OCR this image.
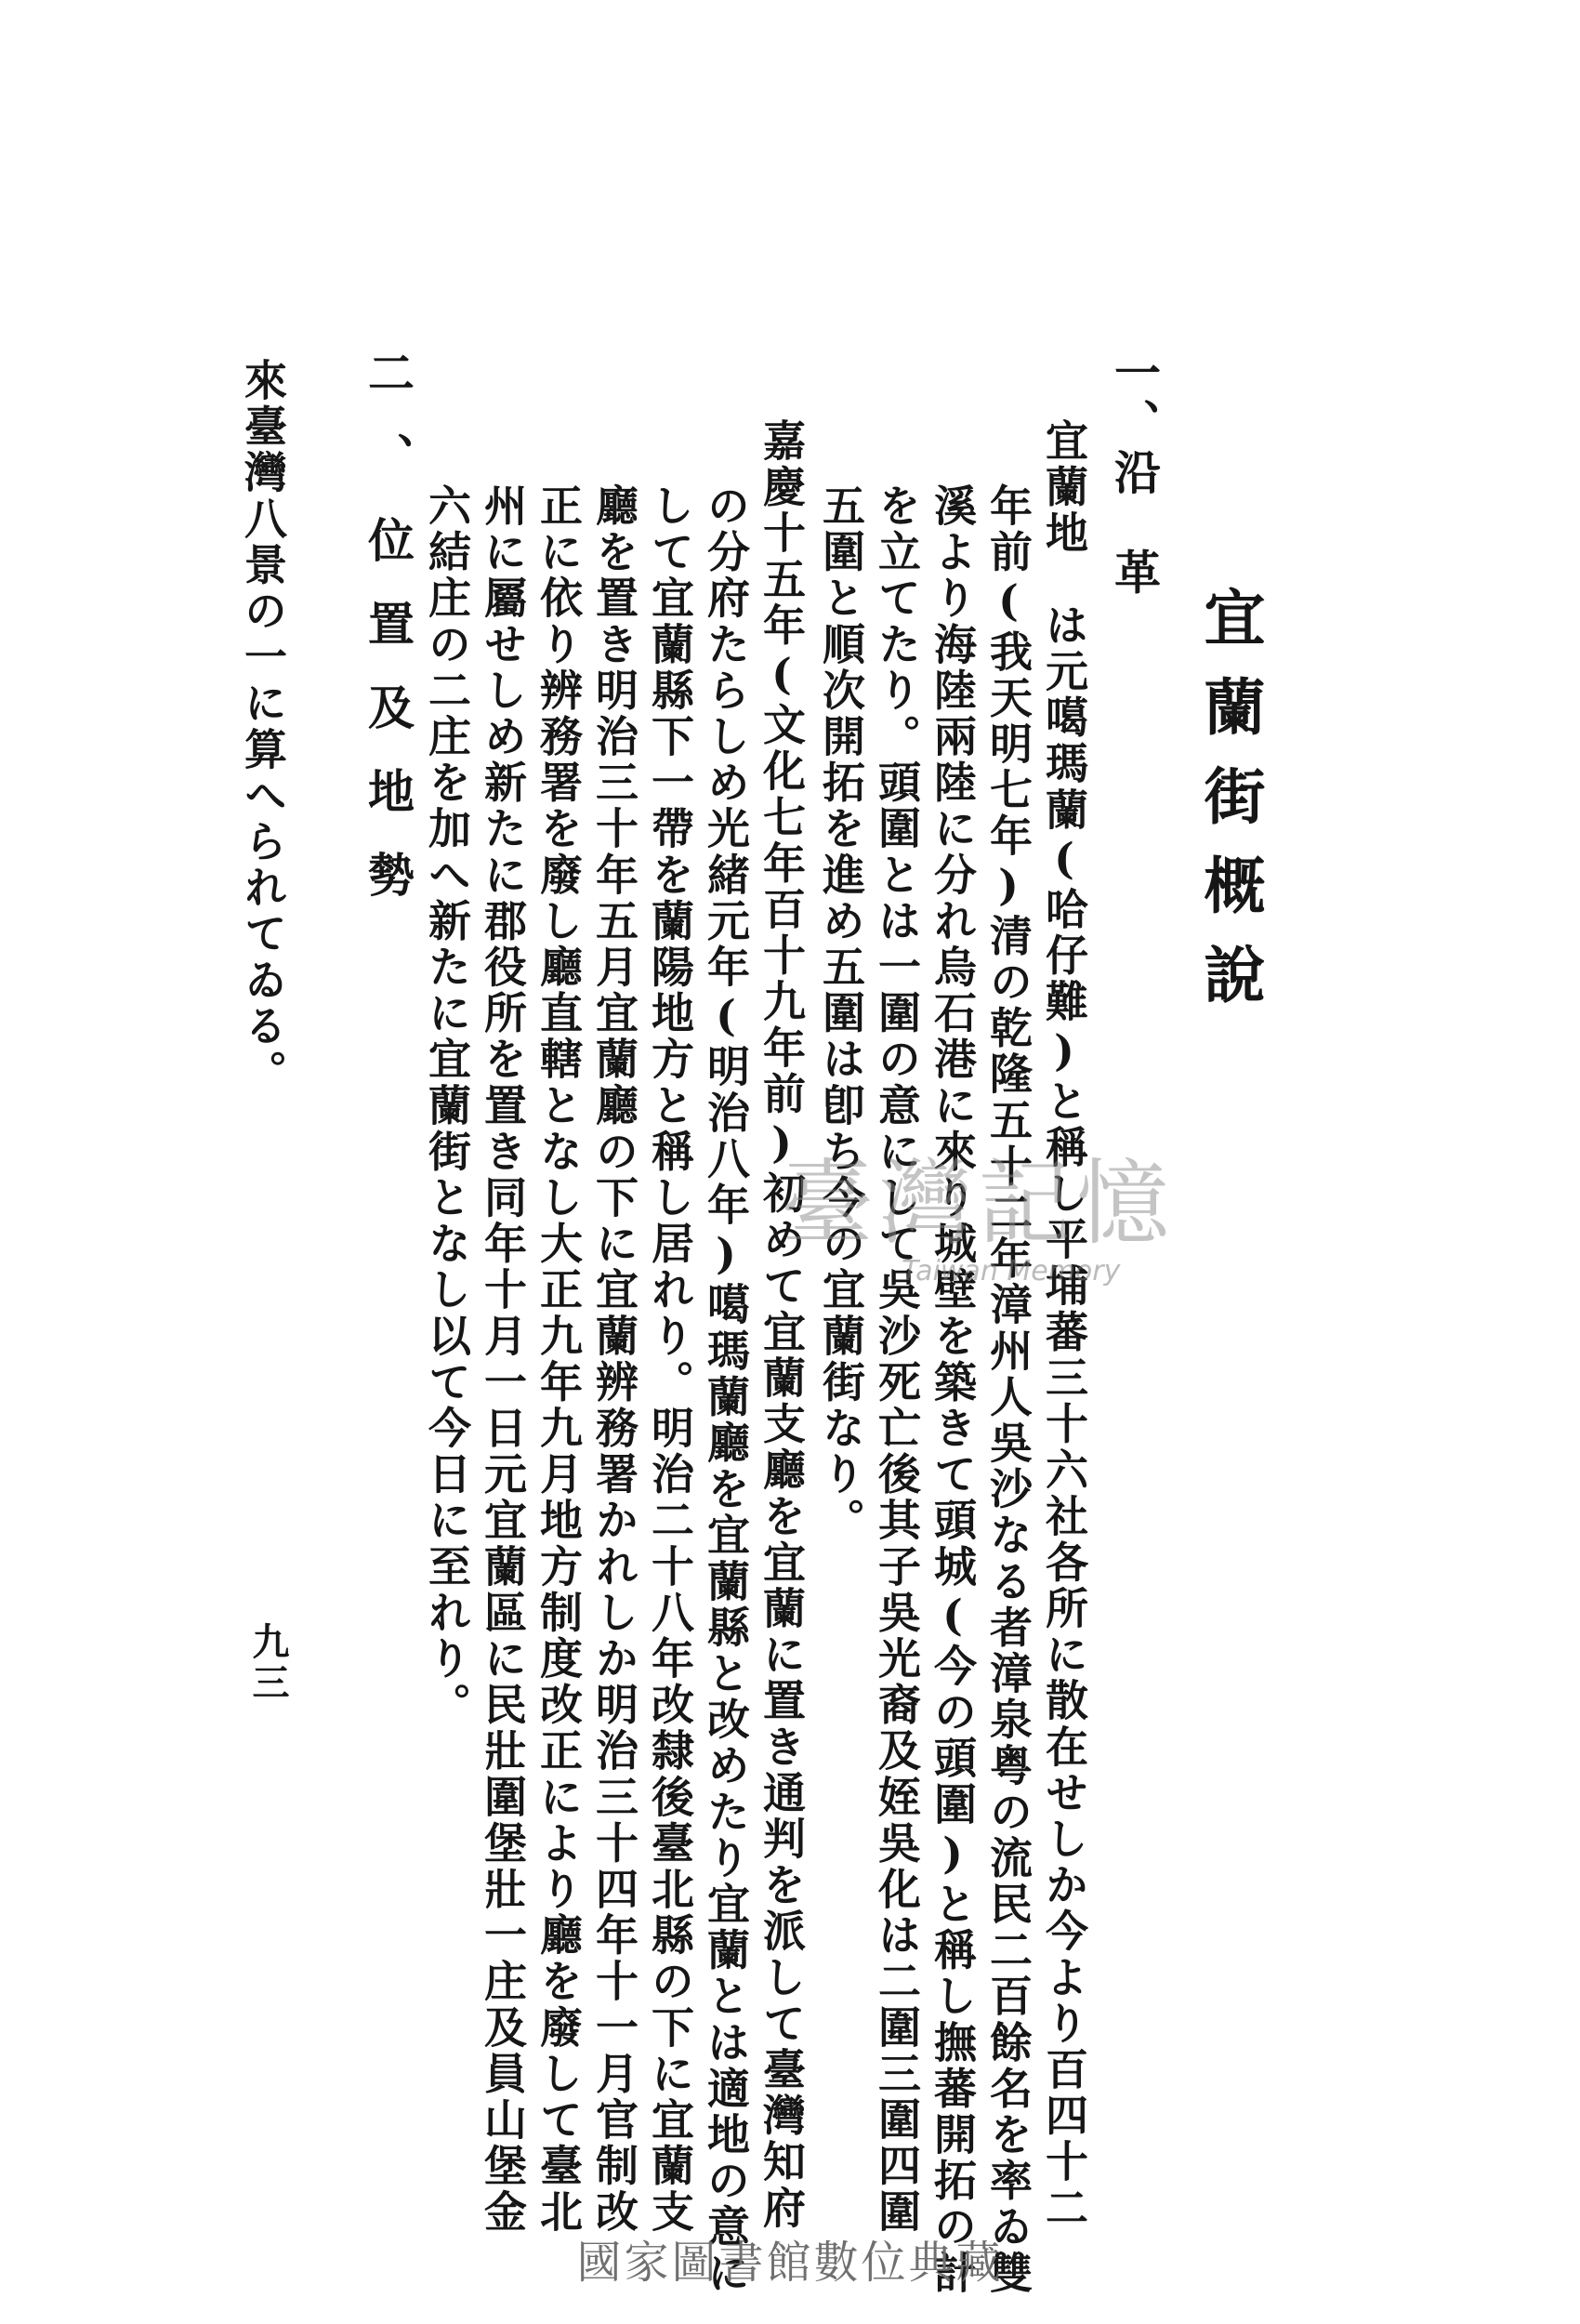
來臺灣八景の一に算へられてゐる。	宜蘭街概說
一、沿　革
宜蘭地　は元噶瑪蘭(哈仔難)と稱し平埔蕃三十六社各所に散在せしか今より百四十二
年前(我天明七年)清の乾隆五十二年漳州人吳沙なる者漳泉粤の流民二百餘名を率ゐ雙
溪より海陸兩陸に分れ烏石港に來り城壁を築きて頭城(今の頭圍)と稱し撫蕃開拓の計
を立てたり。頭圍とは一圍の意にして吳沙死亡後其子吳光裔及姪吳化は二圍三圍四圍
五圍と順次開拓を進め五圍は卽ち今の宜蘭街なり。
嘉慶十五年(文化七年百十九年前)初めて宜蘭支廳を宜蘭に置き通判を派して臺灣知府
の分府たらしめ光緒元年(明治八年)噶瑪蘭廳を宜蘭縣と改めたり宜蘭とは適地の意に
して宜蘭縣下一帶を蘭陽地方と稱し居れり。明治二十八年改隸後臺北縣の下に宜蘭支
廳を置き明治三十年五月宜蘭廳の下に宜蘭辨務署かれしか明治三十四年十一月官制改
正に依り辨務署を廢し廳直轄となし大正九年九月地方制度改正により廳を廢して臺北
州に屬せしめ新たに郡役所を置き同年十月一日元宜蘭區に民壯圍堡壯一庄及員山堡金
六結庄の二庄を加へ新たに宜蘭街となし以て今日に至れり。
二、位置及地勢
九三
臺灣記憶
Taiwan Memory
國家圖書館數位典藏
